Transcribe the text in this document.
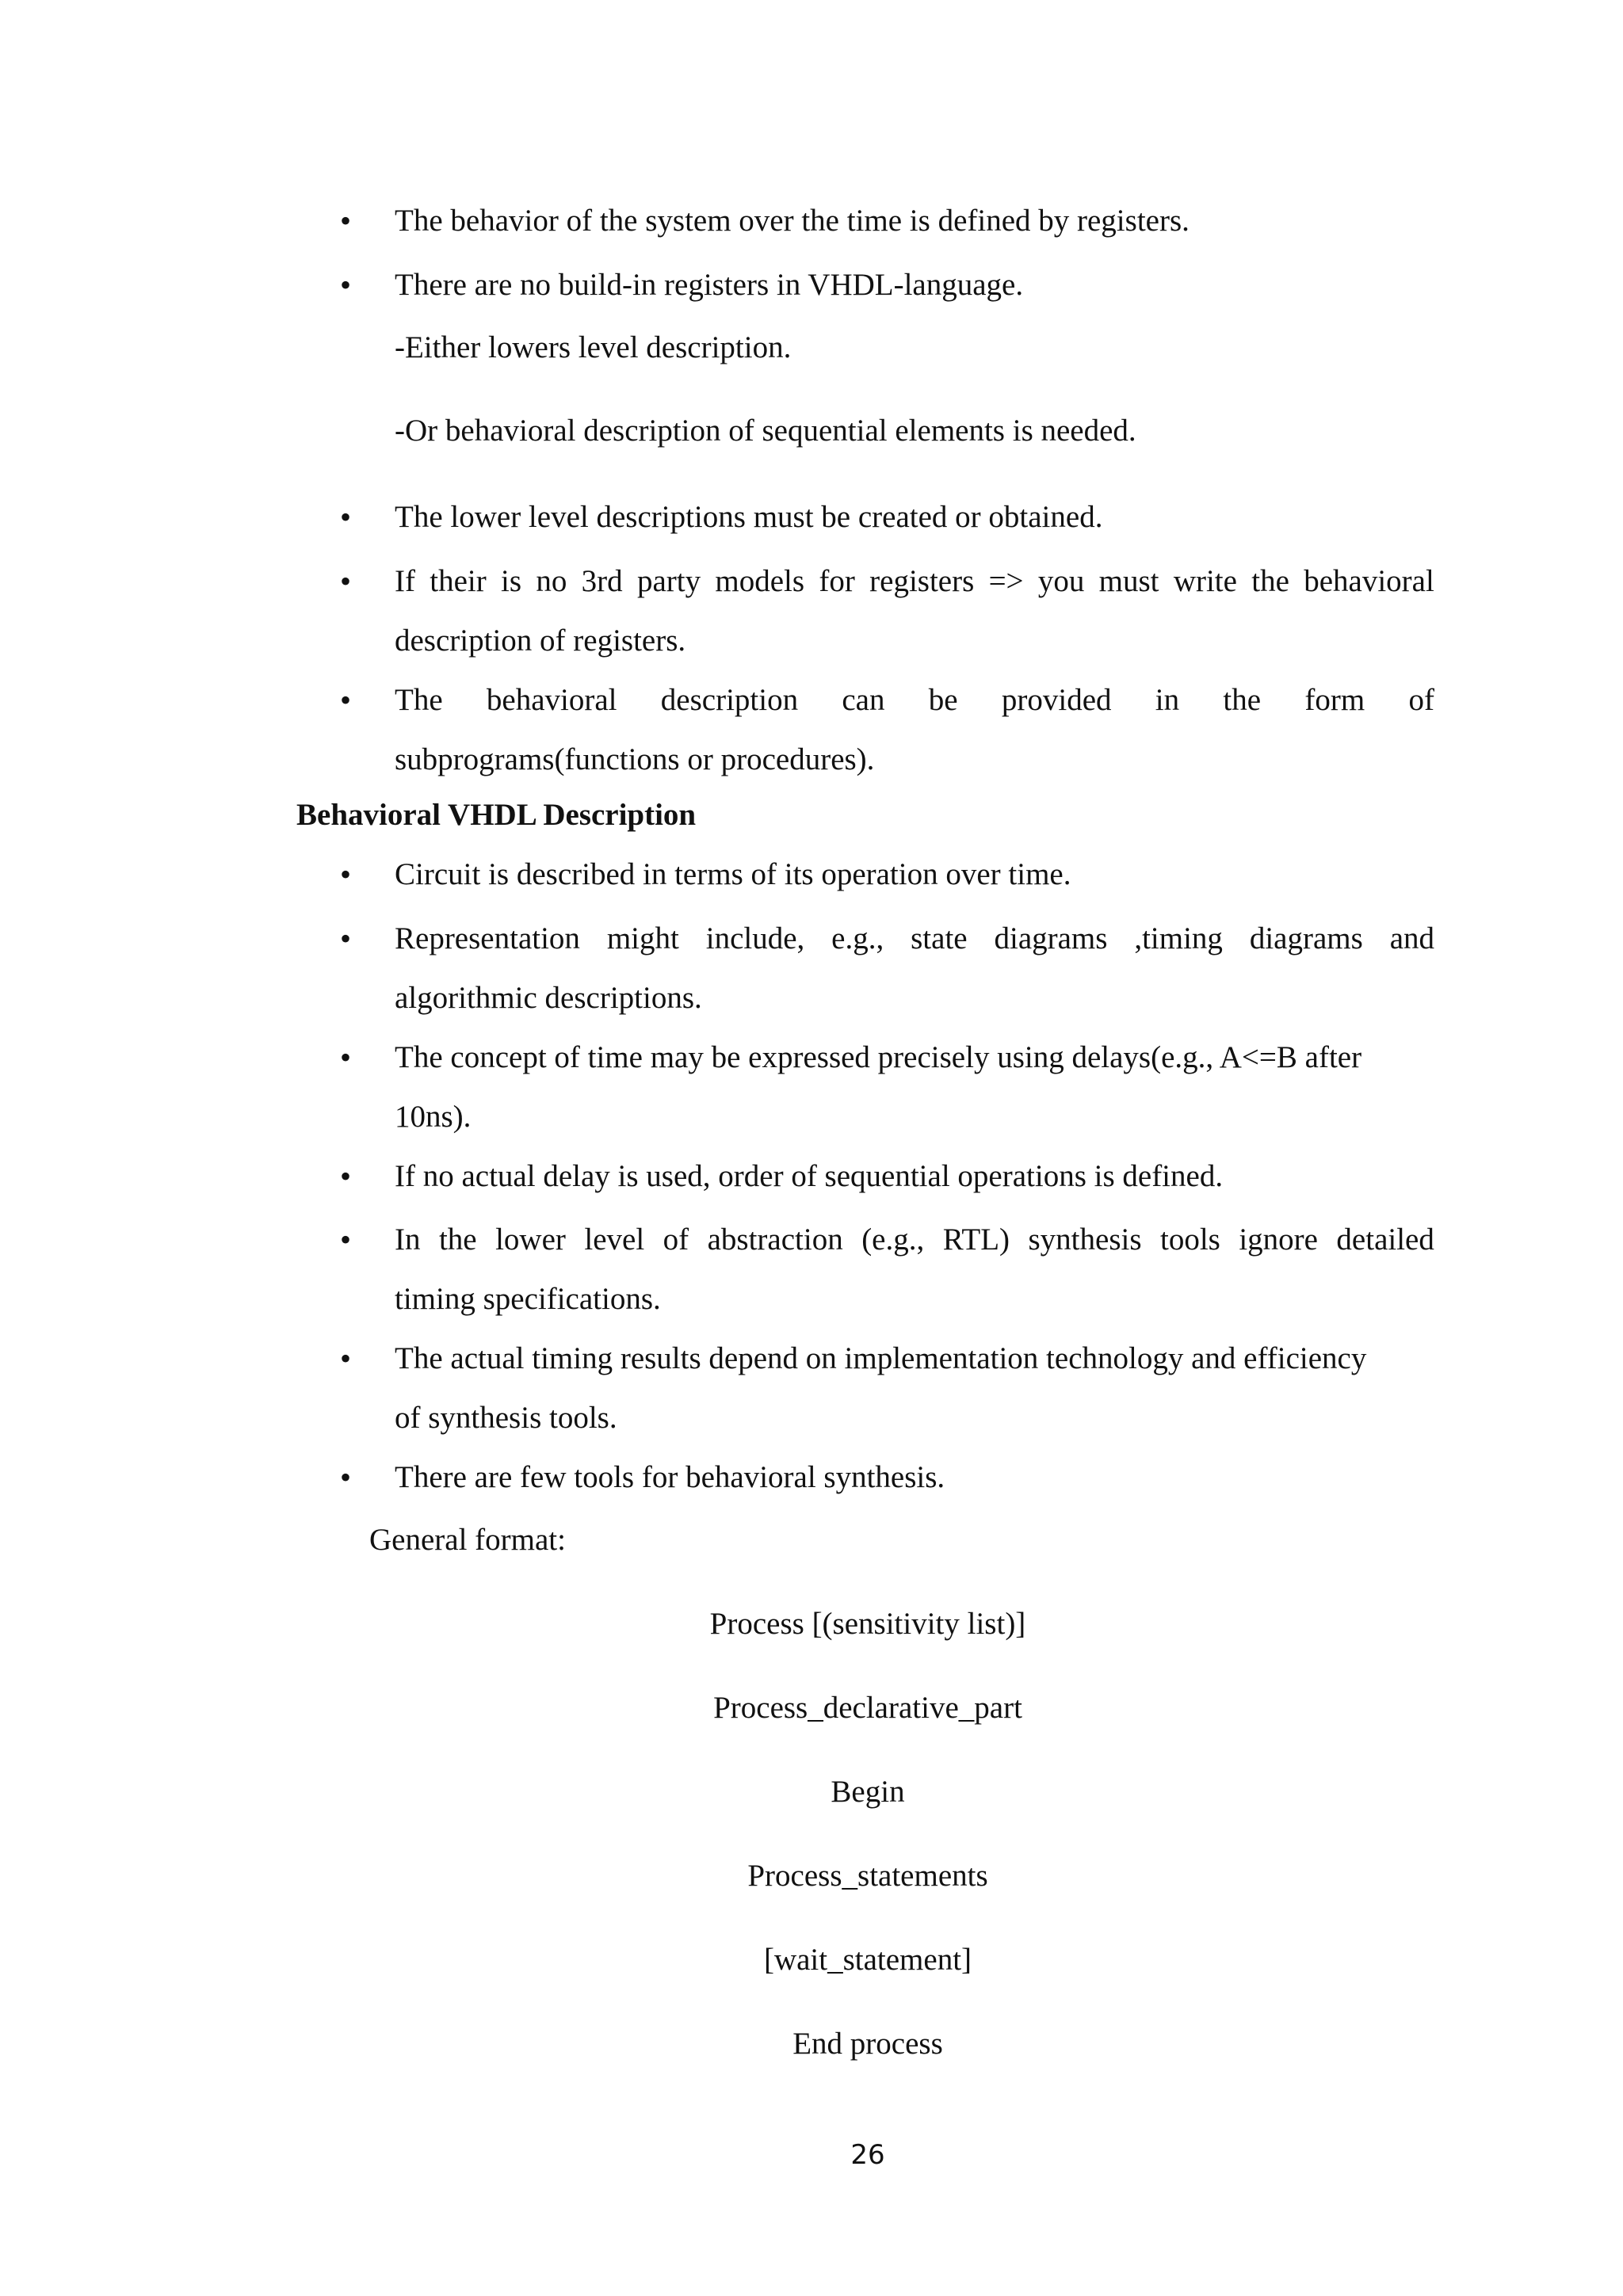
• The behavior of the system over the time is defined by registers.
• There are no build-in registers in VHDL-language.
-Either lowers level description.
-Or behavioral description of sequential elements is needed.
• The lower level descriptions must be created or obtained.
• If their is no 3rd party models for registers => you must write the behavioral
description of registers.
• The behavioral description can be provided in the form of
subprograms(functions or procedures).
Behavioral VHDL Description
• Circuit is described in terms of its operation over time.
• Representation might include, e.g., state diagrams ,timing diagrams and
algorithmic descriptions.
• The concept of time may be expressed precisely using delays(e.g., A<=B after
10ns).
• If no actual delay is used, order of sequential operations is defined.
• In the lower level of abstraction (e.g., RTL) synthesis tools ignore detailed
timing specifications.
• The actual timing results depend on implementation technology and efficiency
of synthesis tools.
• There are few tools for behavioral synthesis.
General format:
Process [(sensitivity list)]
Process_declarative_part
Begin
Process_statements
[wait_statement]
End process
26
